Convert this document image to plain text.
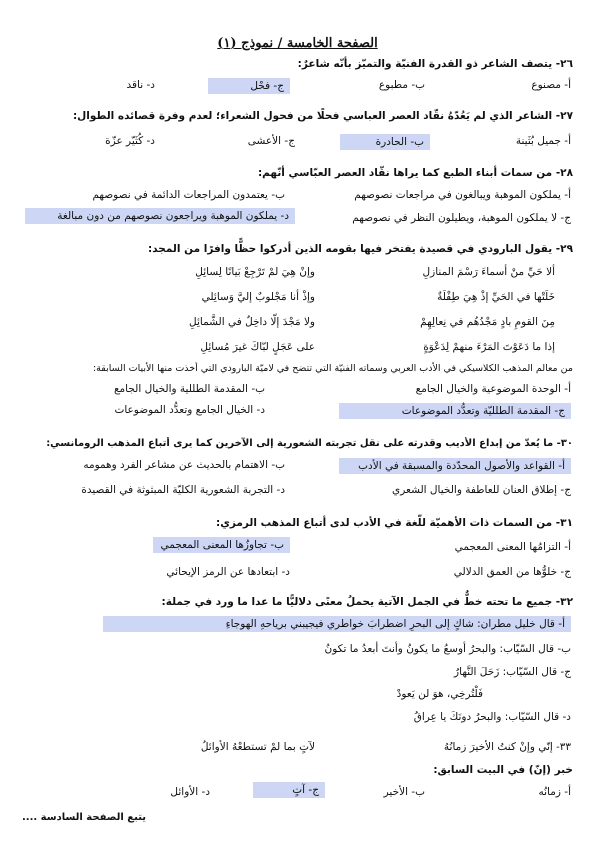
الصفحة الخامسة / نموذج (١)
٢٦- يتصف الشاعر ذو القدرة الفنيّة والتميّز بأنّه شاعرٌ:
أ- مصنوع
ب- مطبوع
ج- فحْل
د- ناقد
٢٧- الشاعر الذي لم يَعُدّهُ نقّاد العصر العباسي فحلًا من فحول الشعراء؛ لعدم وفرة قصائده الطوال:
أ- جميل بُثَينة
ب- الحادرة
ج- الأعشى
د- كُثَيّر عزّة
٢٨- من سمات أبناء الطبع كما يراها نقّاد العصر العبّاسي أنّهم:
أ- يملكون الموهبة ويبالغون في مراجعات نصوصهم
ب- يعتمدون المراجعات الدائمة في نصوصهم
ج- لا يملكون الموهبة، ويطيلون النظر في نصوصهم
د- يملكون الموهبة ويراجعون نصوصهم من دون مبالغة
٢٩- يقول البارودي في قصيدة يفتخر فيها بقومه الذين أدركوا حظًّا وافرًا من المجد:
ألا حَيِّ منْ أسماءَ رَسْمَ المنازلِ
وإنْ هِيَ لمْ تَرْجِعْ بَيانًا لِسائِلِ
خَلَتْها في الحَيِّ إذْ هِيَ طِفْلَةٌ
وإذْ أنا مَجْلوبٌ إليَّ وَسائِلي
مِنَ القومِ بادٍ مَجْدُهُم في نِعالِهِمْ
ولا مَجْدَ إلّا داخِلٌ في الشَّمائِلِ
إذا ما دَعَوْتَ المَرْءَ منهمْ لِدَعْوَةٍ
على عَجَلٍ لبّاكَ غيرَ مُسائِلِ
من معالم المذهب الكلاسيكي في الأدب العربي وسماته الفنيّة التي تتضح في لاميّة البارودي التي أُخذت منها الأبيات السابقة:
أ- الوحدة الموضوعية والخيال الجامع
ب- المقدمة الطللية والخيال الجامع
ج- المقدمة الطلليّة وتعدُّد الموضوعات
د- الخيال الجامع وتعدُّد الموضوعات
٣٠- ما يُعدّ من إبداع الأديب وقدرته على نقل تجربته الشعورية إلى الآخرين كما يرى أتباع المذهب الرومانسي:
أ- القواعد والأصول المحدّدة والمسبقة في الأدب
ب- الاهتمام بالحديث عن مشاعر الفرد وهمومه
ج- إطلاق العنان للعاطفة والخيال الشعري
د- التجربة الشعورية الكليّة المبثوثة في القصيدة
٣١- من السمات ذات الأهميّة للّغة في الأدب لدى أتباع المذهب الرمزي:
أ- التزامُها المعنى المعجمي
ب- تجاوزُها المعنى المعجمي
ج- خلوُّها من العمق الدلالي
د- ابتعادها عن الرمز الإيحائي
٣٢- جميع ما تحته خطٌّ في الجمل الآتية يحملُ معنًى دلاليًّا ما عدا ما ورد في جملة:
أ- قال خليل مطران: شاكٍ إلى البحرِ اضطرابَ خواطري فيجيبني برياحهِ الهوجاءِ
ب- قال السّيّاب: والبحرُ أوسعُ ما يكونُ وأنتَ أبعدُ ما تكونُ
ج- قال السّيّاب: زَحَلَ النَّهارُ
فَلْتُرخِي، هوَ لن يَعودْ
د- قال السّيّاب: والبحرُ دونَكَ يا عِراقُ
٣٣- إنّي وإنْ كنتُ الأخيرَ زمانُهُ
لآتٍ بما لمْ تستطعْهُ الأوائلُ
خبر (إنّ) في البيت السابق:
أ- زمانُه
ب- الأخير
ج- آتٍ
د- الأوائل
يتبع الصفحة السادسة ....
